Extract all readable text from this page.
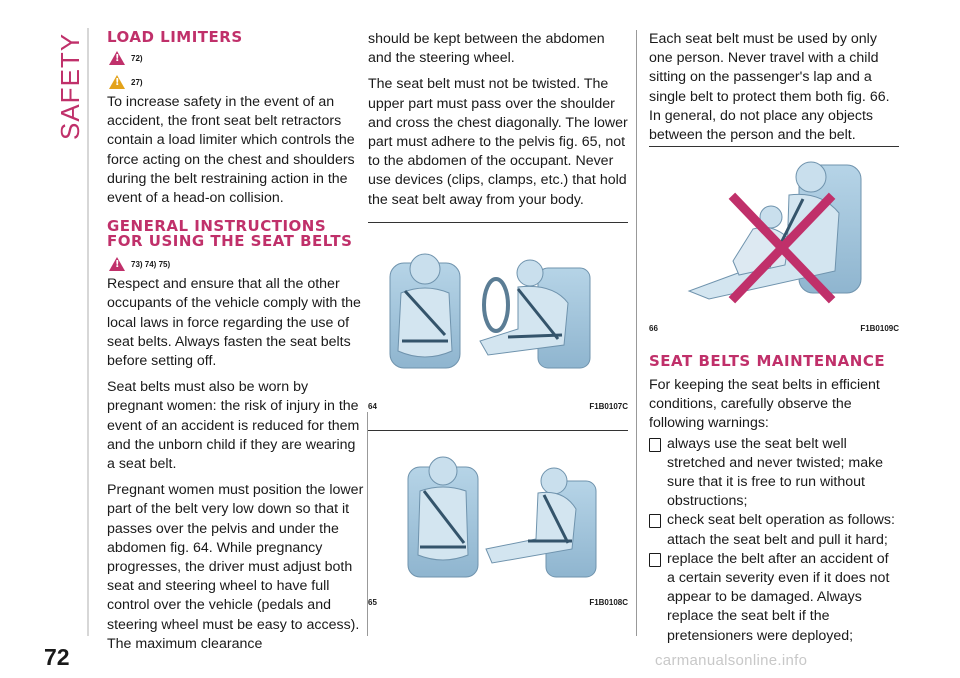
SAFETY
72	carmanualsonline.info
LOAD LIMITERS
!
72)
!
27)

To increase safety in the event of an accident, the front seat belt retractors contain a load limiter which controls the force acting on the chest and shoulders during the belt restraining action in the event of a head-on collision.

GENERAL INSTRUCTIONS FOR USING THE SEAT BELTS
!
73) 74) 75)

Respect and ensure that all the other occupants of the vehicle comply with the local laws in force regarding the use of seat belts. Always fasten the seat belts before setting off.

Seat belts must also be worn by pregnant women: the risk of injury in the event of an accident is reduced for them and the unborn child if they are wearing a seat belt.

Pregnant women must position the lower part of the belt very low down so that it passes over the pelvis and under the abdomen fig. 64. While pregnancy progresses, the driver must adjust both seat and steering wheel to have full control over the vehicle (pedals and steering wheel must be easy to access). The maximum clearance

should be kept between the abdomen and the steering wheel.

The seat belt must not be twisted. The upper part must pass over the shoulder and cross the chest diagonally. The lower part must adhere to the pelvis fig. 65, not to the abdomen of the occupant. Never use devices (clips, clamps, etc.) that hold the seat belt away from your body.

64	F1B0107C
65	F1B0108C

Each seat belt must be used by only one person. Never travel with a child sitting on the passenger's lap and a single belt to protect them both fig. 66. In general, do not place any objects between the person and the belt.

66	F1B0109C
SEAT BELTS MAINTENANCE

For keeping the seat belts in efficient conditions, carefully observe the following warnings:

always use the seat belt well stretched and never twisted; make sure that it is free to run without obstructions;
check seat belt operation as follows: attach the seat belt and pull it hard;
replace the belt after an accident of a certain severity even if it does not appear to be damaged. Always replace the seat belt if the pretensioners were deployed;
